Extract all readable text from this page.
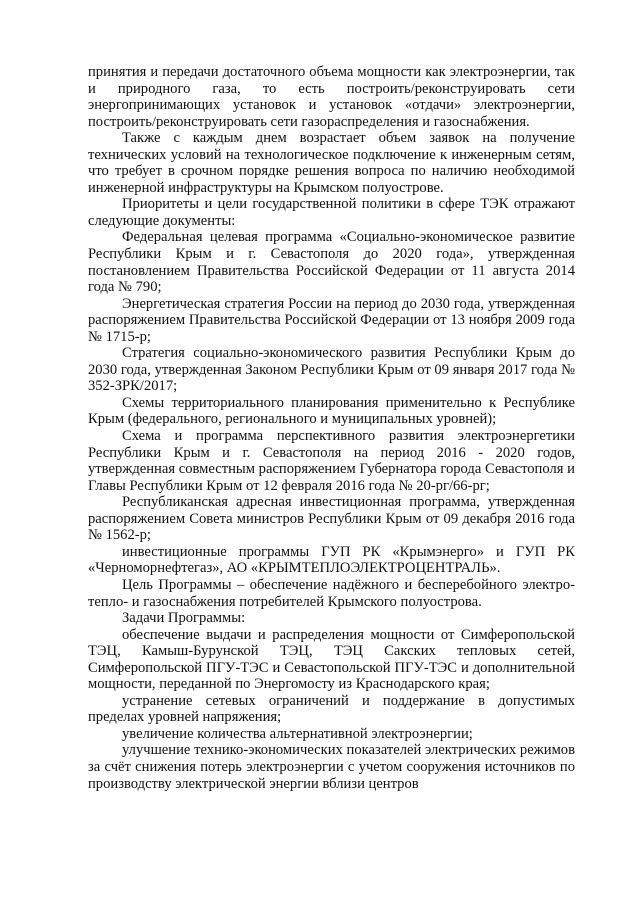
принятия и передачи достаточного объема мощности как электроэнергии, так и природного газа, то есть построить/реконструировать сети энергопринимающих установок и установок «отдачи» электроэнергии, построить/реконструировать сети газораспределения и газоснабжения.

Также с каждым днем возрастает объем заявок на получение технических условий на технологическое подключение к инженерным сетям, что требует в срочном порядке решения вопроса по наличию необходимой инженерной инфраструктуры на Крымском полуострове.

Приоритеты и цели государственной политики в сфере ТЭК отражают следующие документы:

Федеральная целевая программа «Социально-экономическое развитие Республики Крым и г. Севастополя до 2020 года», утвержденная постановлением Правительства Российской Федерации от 11 августа 2014 года № 790;

Энергетическая стратегия России на период до 2030 года, утвержденная распоряжением Правительства Российской Федерации от 13 ноября 2009 года № 1715-р;

Стратегия социально-экономического развития Республики Крым до 2030 года, утвержденная Законом Республики Крым от 09 января 2017 года № 352-ЗРК/2017;

Схемы территориального планирования применительно к Республике Крым (федерального, регионального и муниципальных уровней);

Схема и программа перспективного развития электроэнергетики Республики Крым и г. Севастополя на период 2016 - 2020 годов, утвержденная совместным распоряжением Губернатора города Севастополя и Главы Республики Крым от 12 февраля 2016 года № 20-рг/66-рг;

Республиканская адресная инвестиционная программа, утвержденная распоряжением Совета министров Республики Крым от 09 декабря 2016 года № 1562-р;

инвестиционные программы ГУП РК «Крымэнерго» и ГУП РК «Черноморнефтегаз», АО «КРЫМТЕПЛОЭЛЕКТРОЦЕНТРАЛЬ».

Цель Программы – обеспечение надёжного и бесперебойного электро- тепло- и газоснабжения потребителей Крымского полуострова.

Задачи Программы:

обеспечение выдачи и распределения мощности от Симферопольской ТЭЦ, Камыш-Бурунской ТЭЦ, ТЭЦ Сакских тепловых сетей, Симферопольской ПГУ-ТЭС и Севастопольской ПГУ-ТЭС и дополнительной мощности, переданной по Энергомосту из Краснодарского края;

устранение сетевых ограничений и поддержание в допустимых пределах уровней напряжения;

увеличение количества альтернативной электроэнергии;

улучшение технико-экономических показателей электрических режимов за счёт снижения потерь электроэнергии с учетом сооружения источников по производству электрической энергии вблизи центров
